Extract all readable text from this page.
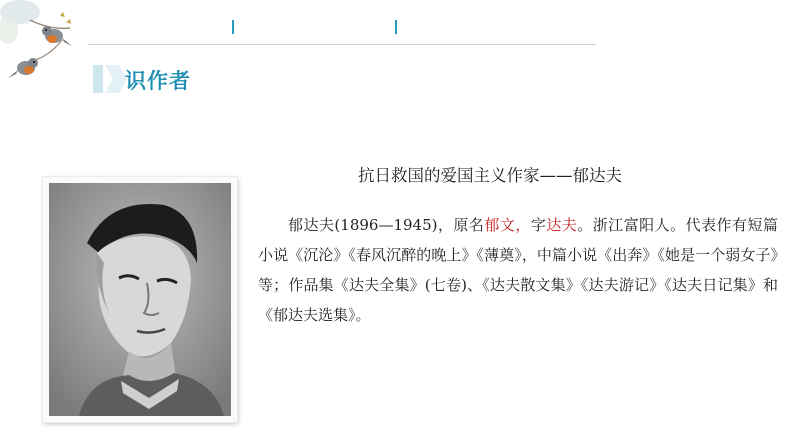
识作者
抗日救国的爱国主义作家——郁达夫

郁达夫(1896—1945)，原名郁文，字达夫。浙江富阳人。代表作有短篇小说《沉沦》《春风沉醉的晚上》《薄奠》，中篇小说《出奔》《她是一个弱女子》等；作品集《达夫全集》(七卷)、《达夫散文集》《达夫游记》《达夫日记集》和《郁达夫选集》。
